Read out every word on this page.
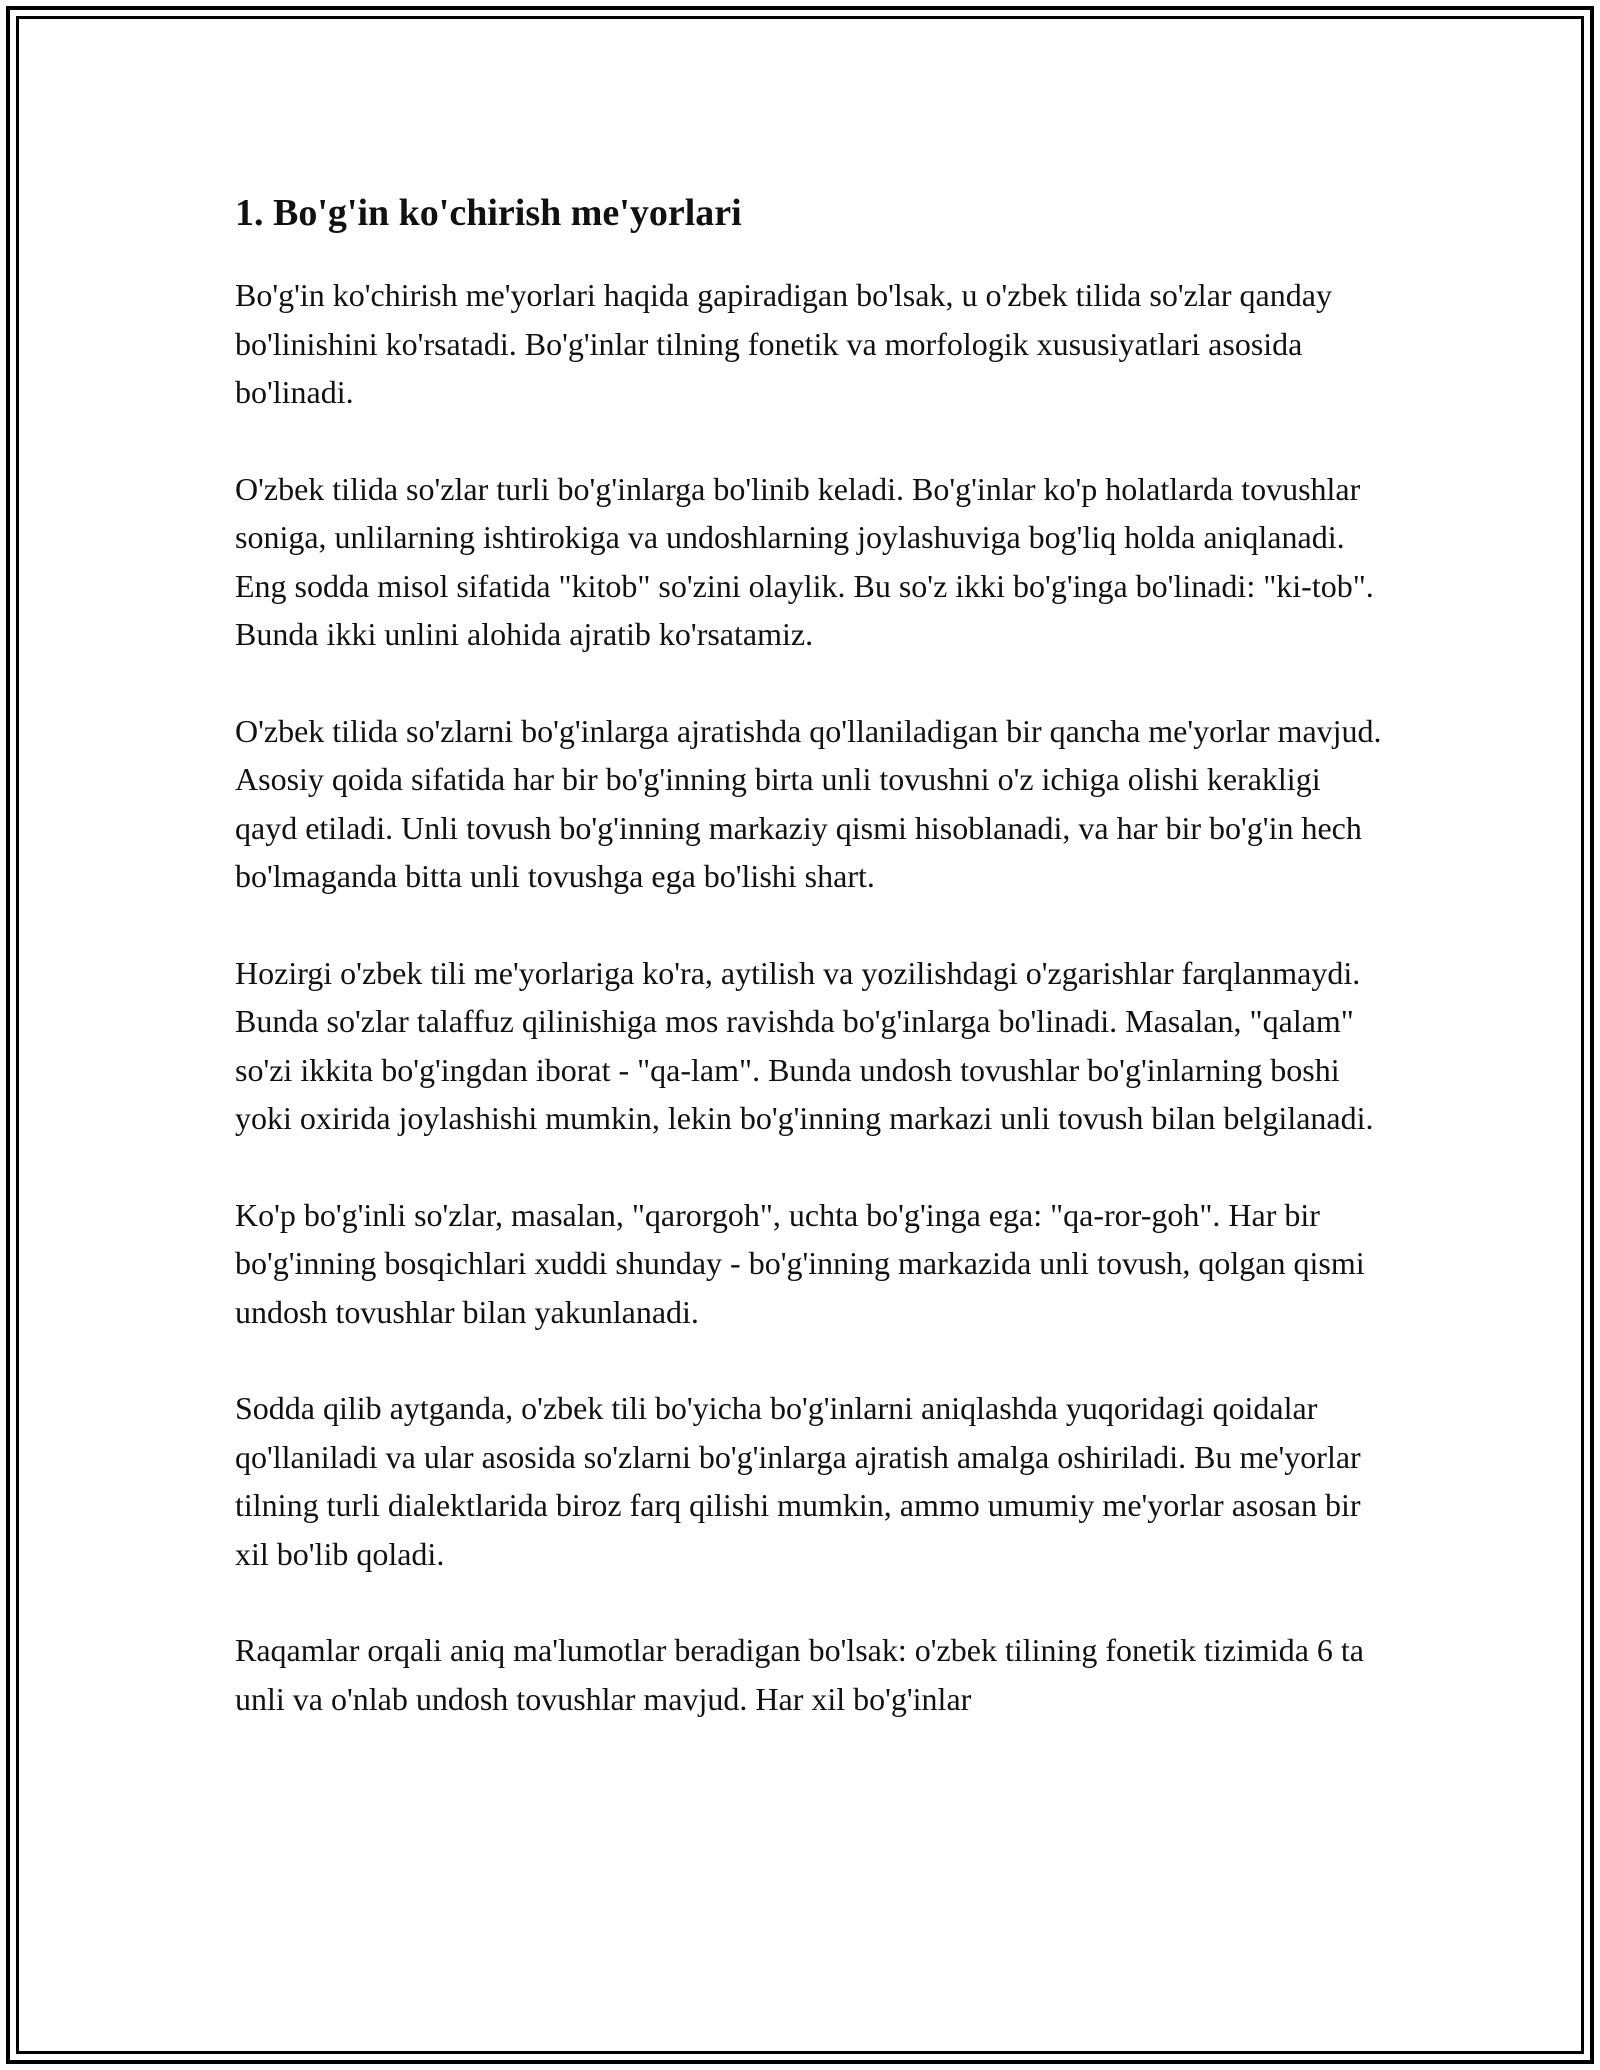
1. Bo'g'in ko'chirish me'yorlari

Bo'g'in ko'chirish me'yorlari haqida gapiradigan bo'lsak, u o'zbek tilida so'zlar qanday bo'linishini ko'rsatadi. Bo'g'inlar tilning fonetik va morfologik xususiyatlari asosida bo'linadi.

O'zbek tilida so'zlar turli bo'g'inlarga bo'linib keladi. Bo'g'inlar ko'p holatlarda tovushlar soniga, unlilarning ishtirokiga va undoshlarning joylashuviga bog'liq holda aniqlanadi. Eng sodda misol sifatida "kitob" so'zini olaylik. Bu so'z ikki bo'g'inga bo'linadi: "ki-tob". Bunda ikki unlini alohida ajratib ko'rsatamiz.

O'zbek tilida so'zlarni bo'g'inlarga ajratishda qo'llaniladigan bir qancha me'yorlar mavjud. Asosiy qoida sifatida har bir bo'g'inning birta unli tovushni o'z ichiga olishi kerakligi qayd etiladi. Unli tovush bo'g'inning markaziy qismi hisoblanadi, va har bir bo'g'in hech bo'lmaganda bitta unli tovushga ega bo'lishi shart.

Hozirgi o'zbek tili me'yorlariga ko'ra, aytilish va yozilishdagi o'zgarishlar farqlanmaydi. Bunda so'zlar talaffuz qilinishiga mos ravishda bo'g'inlarga bo'linadi. Masalan, "qalam" so'zi ikkita bo'g'ingdan iborat - "qa-lam". Bunda undosh tovushlar bo'g'inlarning boshi yoki oxirida joylashishi mumkin, lekin bo'g'inning markazi unli tovush bilan belgilanadi.

Ko'p bo'g'inli so'zlar, masalan, "qarorgoh", uchta bo'g'inga ega: "qa-ror-goh". Har bir bo'g'inning bosqichlari xuddi shunday - bo'g'inning markazida unli tovush, qolgan qismi undosh tovushlar bilan yakunlanadi.

Sodda qilib aytganda, o'zbek tili bo'yicha bo'g'inlarni aniqlashda yuqoridagi qoidalar qo'llaniladi va ular asosida so'zlarni bo'g'inlarga ajratish amalga oshiriladi. Bu me'yorlar tilning turli dialektlarida biroz farq qilishi mumkin, ammo umumiy me'yorlar asosan bir xil bo'lib qoladi.

Raqamlar orqali aniq ma'lumotlar beradigan bo'lsak: o'zbek tilining fonetik tizimida 6 ta unli va o'nlab undosh tovushlar mavjud. Har xil bo'g'inlar
